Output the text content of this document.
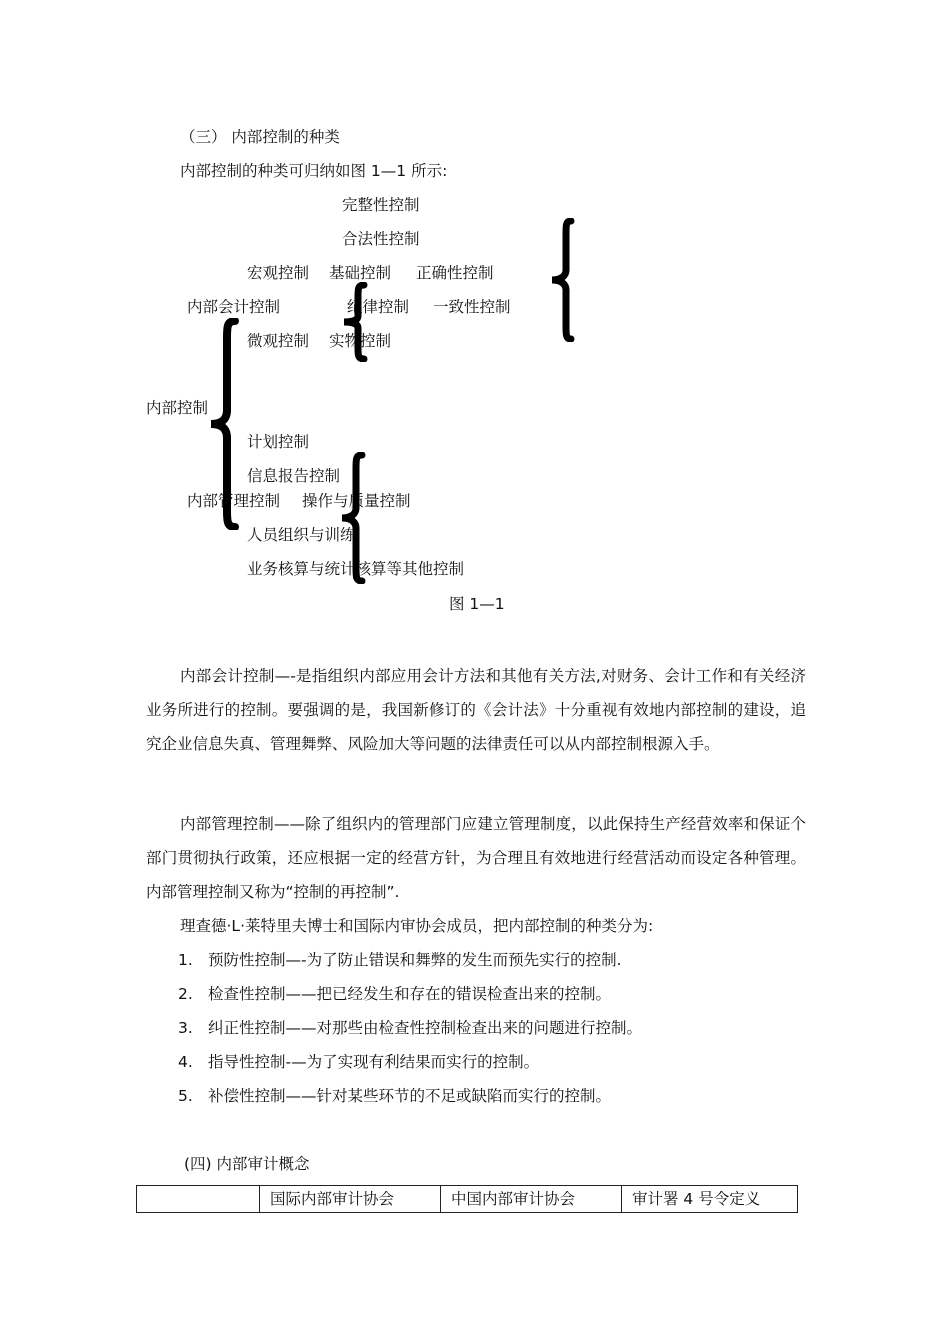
（三） 内部控制的种类
内部控制的种类可归纳如图 1—1 所示:
完整性控制
合法性控制
宏观控制 基础控制 正确性控制
内部会计控制	纪律控制 一致性控制
微观控制 实物控制
内部控制
计划控制
信息报告控制
内部管理控制 操作与质量控制
人员组织与训练
业务核算与统计核算等其他控制
图 1—1
内部会计控制—-是指组织内部应用会计方法和其他有关方法,对财务、会计工作和有关经济业务所进行的控制。要强调的是，我国新修订的《会计法》十分重视有效地内部控制的建设，追究企业信息失真、管理舞弊、风险加大等问题的法律责任可以从内部控制根源入手。
内部管理控制——除了组织内的管理部门应建立管理制度，以此保持生产经营效率和保证个部门贯彻执行政策，还应根据一定的经营方针，为合理且有效地进行经营活动而设定各种管理。内部管理控制又称为“控制的再控制”.
理查德·L·莱特里夫博士和国际内审协会成员，把内部控制的种类分为:
1. 预防性控制—-为了防止错误和舞弊的发生而预先实行的控制.
2. 检查性控制——把已经发生和存在的错误检查出来的控制。
3. 纠正性控制——对那些由检查性控制检查出来的问题进行控制。
4. 指导性控制-—为了实现有利结果而实行的控制。
5. 补偿性控制——针对某些环节的不足或缺陷而实行的控制。
(四) 内部审计概念
	国际内部审计协会	中国内部审计协会	审计署 4 号令定义
